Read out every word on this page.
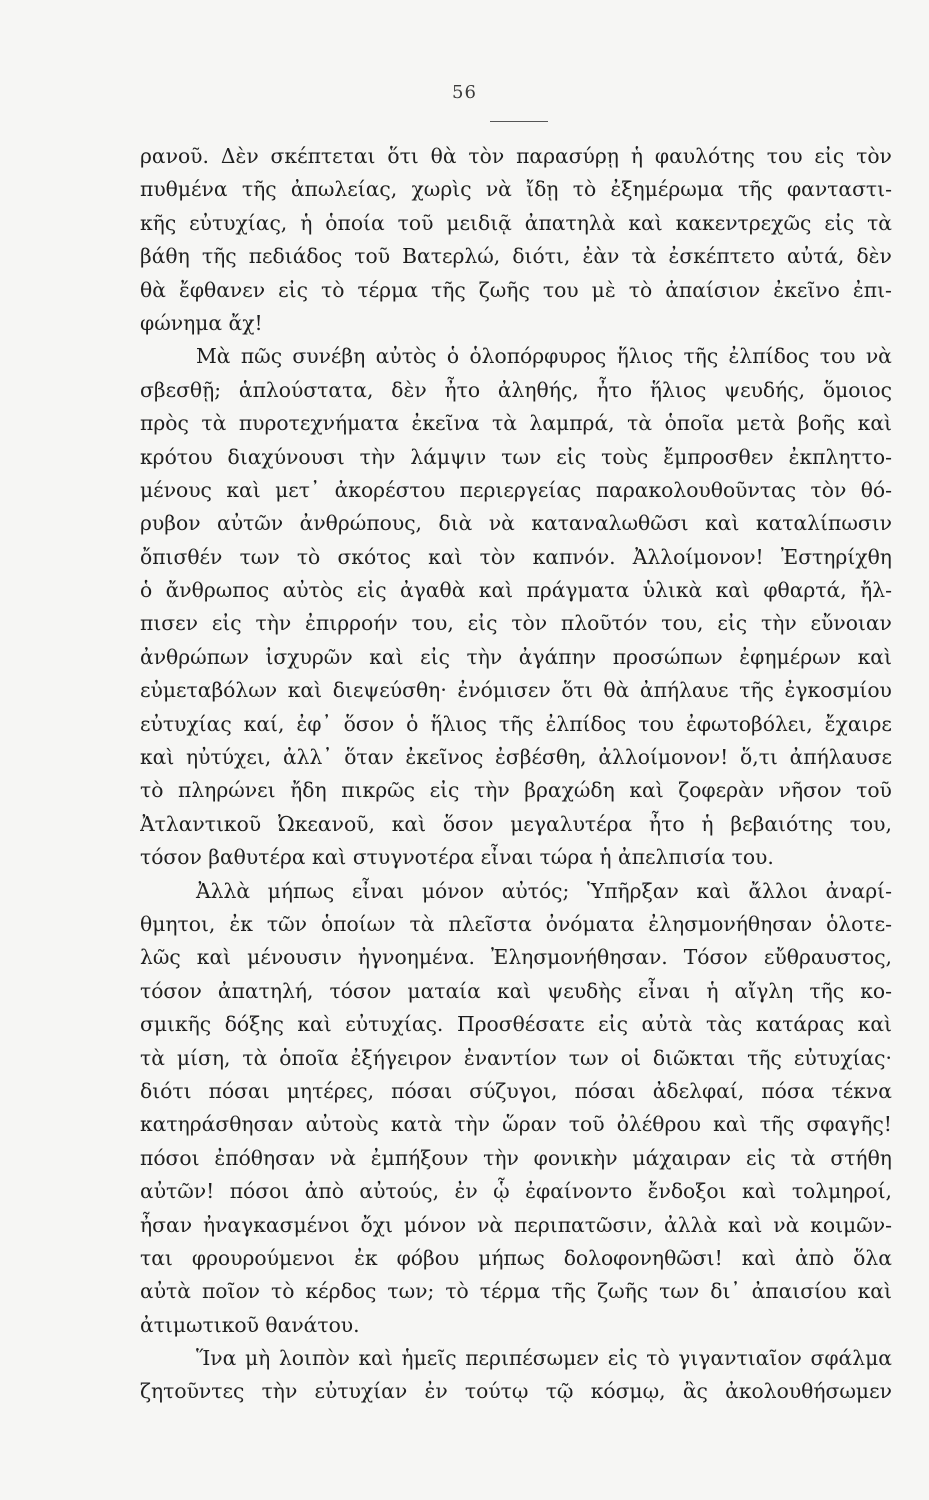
56
ρανοῦ. Δὲν σκέπτεται ὅτι θὰ τὸν παρασύρῃ ἡ φαυλότης του εἰς τὸν
πυθμένα τῆς ἀπωλείας, χωρὶς νὰ ἴδῃ τὸ ἐξημέρωμα τῆς φανταστι-
κῆς εὐτυχίας, ἡ ὁποία τοῦ μειδιᾷ ἀπατηλὰ καὶ κακεντρεχῶς εἰς τὰ
βάθη τῆς πεδιάδος τοῦ Βατερλώ, διότι, ἐὰν τὰ ἐσκέπτετο αὐτά, δὲν
θὰ ἔφθανεν εἰς τὸ τέρμα τῆς ζωῆς του μὲ τὸ ἀπαίσιον ἐκεῖνο ἐπι-
φώνημα ἄχ!
Μὰ πῶς συνέβη αὐτὸς ὁ ὁλοπόρφυρος ἥλιος τῆς ἐλπίδος του νὰ
σβεσθῇ; ἁπλούστατα, δὲν ἦτο ἀληθής, ἦτο ἥλιος ψευδής, ὅμοιος
πρὸς τὰ πυροτεχνήματα ἐκεῖνα τὰ λαμπρά, τὰ ὁποῖα μετὰ βοῆς καὶ
κρότου διαχύνουσι τὴν λάμψιν των εἰς τοὺς ἔμπροσθεν ἐκπληττο-
μένους καὶ μετ᾽ ἀκορέστου περιεργείας παρακολουθοῦντας τὸν θό-
ρυβον αὐτῶν ἀνθρώπους, διὰ νὰ καταναλωθῶσι καὶ καταλίπωσιν
ὄπισθέν των τὸ σκότος καὶ τὸν καπνόν. Ἀλλοίμονον! Ἐστηρίχθη
ὁ ἄνθρωπος αὐτὸς εἰς ἀγαθὰ καὶ πράγματα ὑλικὰ καὶ φθαρτά, ἤλ-
πισεν εἰς τὴν ἐπιρροήν του, εἰς τὸν πλοῦτόν του, εἰς τὴν εὔνοιαν
ἀνθρώπων ἰσχυρῶν καὶ εἰς τὴν ἀγάπην προσώπων ἐφημέρων καὶ
εὐμεταβόλων καὶ διεψεύσθη· ἐνόμισεν ὅτι θὰ ἀπήλαυε τῆς ἐγκοσμίου
εὐτυχίας καί, ἐφ᾽ ὅσον ὁ ἥλιος τῆς ἐλπίδος του ἐφωτοβόλει, ἔχαιρε
καὶ ηὐτύχει, ἀλλ᾽ ὅταν ἐκεῖνος ἐσβέσθη, ἀλλοίμονον! ὅ,τι ἀπήλαυσε
τὸ πληρώνει ἤδη πικρῶς εἰς τὴν βραχώδη καὶ ζοφερὰν νῆσον τοῦ
Ἀτλαντικοῦ Ὠκεανοῦ, καὶ ὅσον μεγαλυτέρα ἦτο ἡ βεβαιότης του,
τόσον βαθυτέρα καὶ στυγνοτέρα εἶναι τώρα ἡ ἀπελπισία του.
Ἀλλὰ μήπως εἶναι μόνον αὐτός; Ὑπῆρξαν καὶ ἄλλοι ἀναρί-
θμητοι, ἐκ τῶν ὁποίων τὰ πλεῖστα ὀνόματα ἐλησμονήθησαν ὁλοτε-
λῶς καὶ μένουσιν ἠγνοημένα. Ἐλησμονήθησαν. Τόσον εὔθραυστος,
τόσον ἀπατηλή, τόσον ματαία καὶ ψευδὴς εἶναι ἡ αἴγλη τῆς κο-
σμικῆς δόξης καὶ εὐτυχίας. Προσθέσατε εἰς αὐτὰ τὰς κατάρας καὶ
τὰ μίση, τὰ ὁποῖα ἐξήγειρον ἐναντίον των οἱ διῶκται τῆς εὐτυχίας·
διότι πόσαι μητέρες, πόσαι σύζυγοι, πόσαι ἀδελφαί, πόσα τέκνα
κατηράσθησαν αὐτοὺς κατὰ τὴν ὥραν τοῦ ὀλέθρου καὶ τῆς σφαγῆς!
πόσοι ἐπόθησαν νὰ ἐμπήξουν τὴν φονικὴν μάχαιραν εἰς τὰ στήθη
αὐτῶν! πόσοι ἀπὸ αὐτούς, ἐν ᾧ ἐφαίνοντο ἔνδοξοι καὶ τολμηροί,
ἦσαν ἠναγκασμένοι ὄχι μόνον νὰ περιπατῶσιν, ἀλλὰ καὶ νὰ κοιμῶν-
ται φρουρούμενοι ἐκ φόβου μήπως δολοφονηθῶσι! καὶ ἀπὸ ὅλα
αὐτὰ ποῖον τὸ κέρδος των; τὸ τέρμα τῆς ζωῆς των δι᾽ ἀπαισίου καὶ
ἀτιμωτικοῦ θανάτου.
Ἵνα μὴ λοιπὸν καὶ ἡμεῖς περιπέσωμεν εἰς τὸ γιγαντιαῖον σφάλμα
ζητοῦντες τὴν εὐτυχίαν ἐν τούτῳ τῷ κόσμῳ, ἂς ἀκολουθήσωμεν
